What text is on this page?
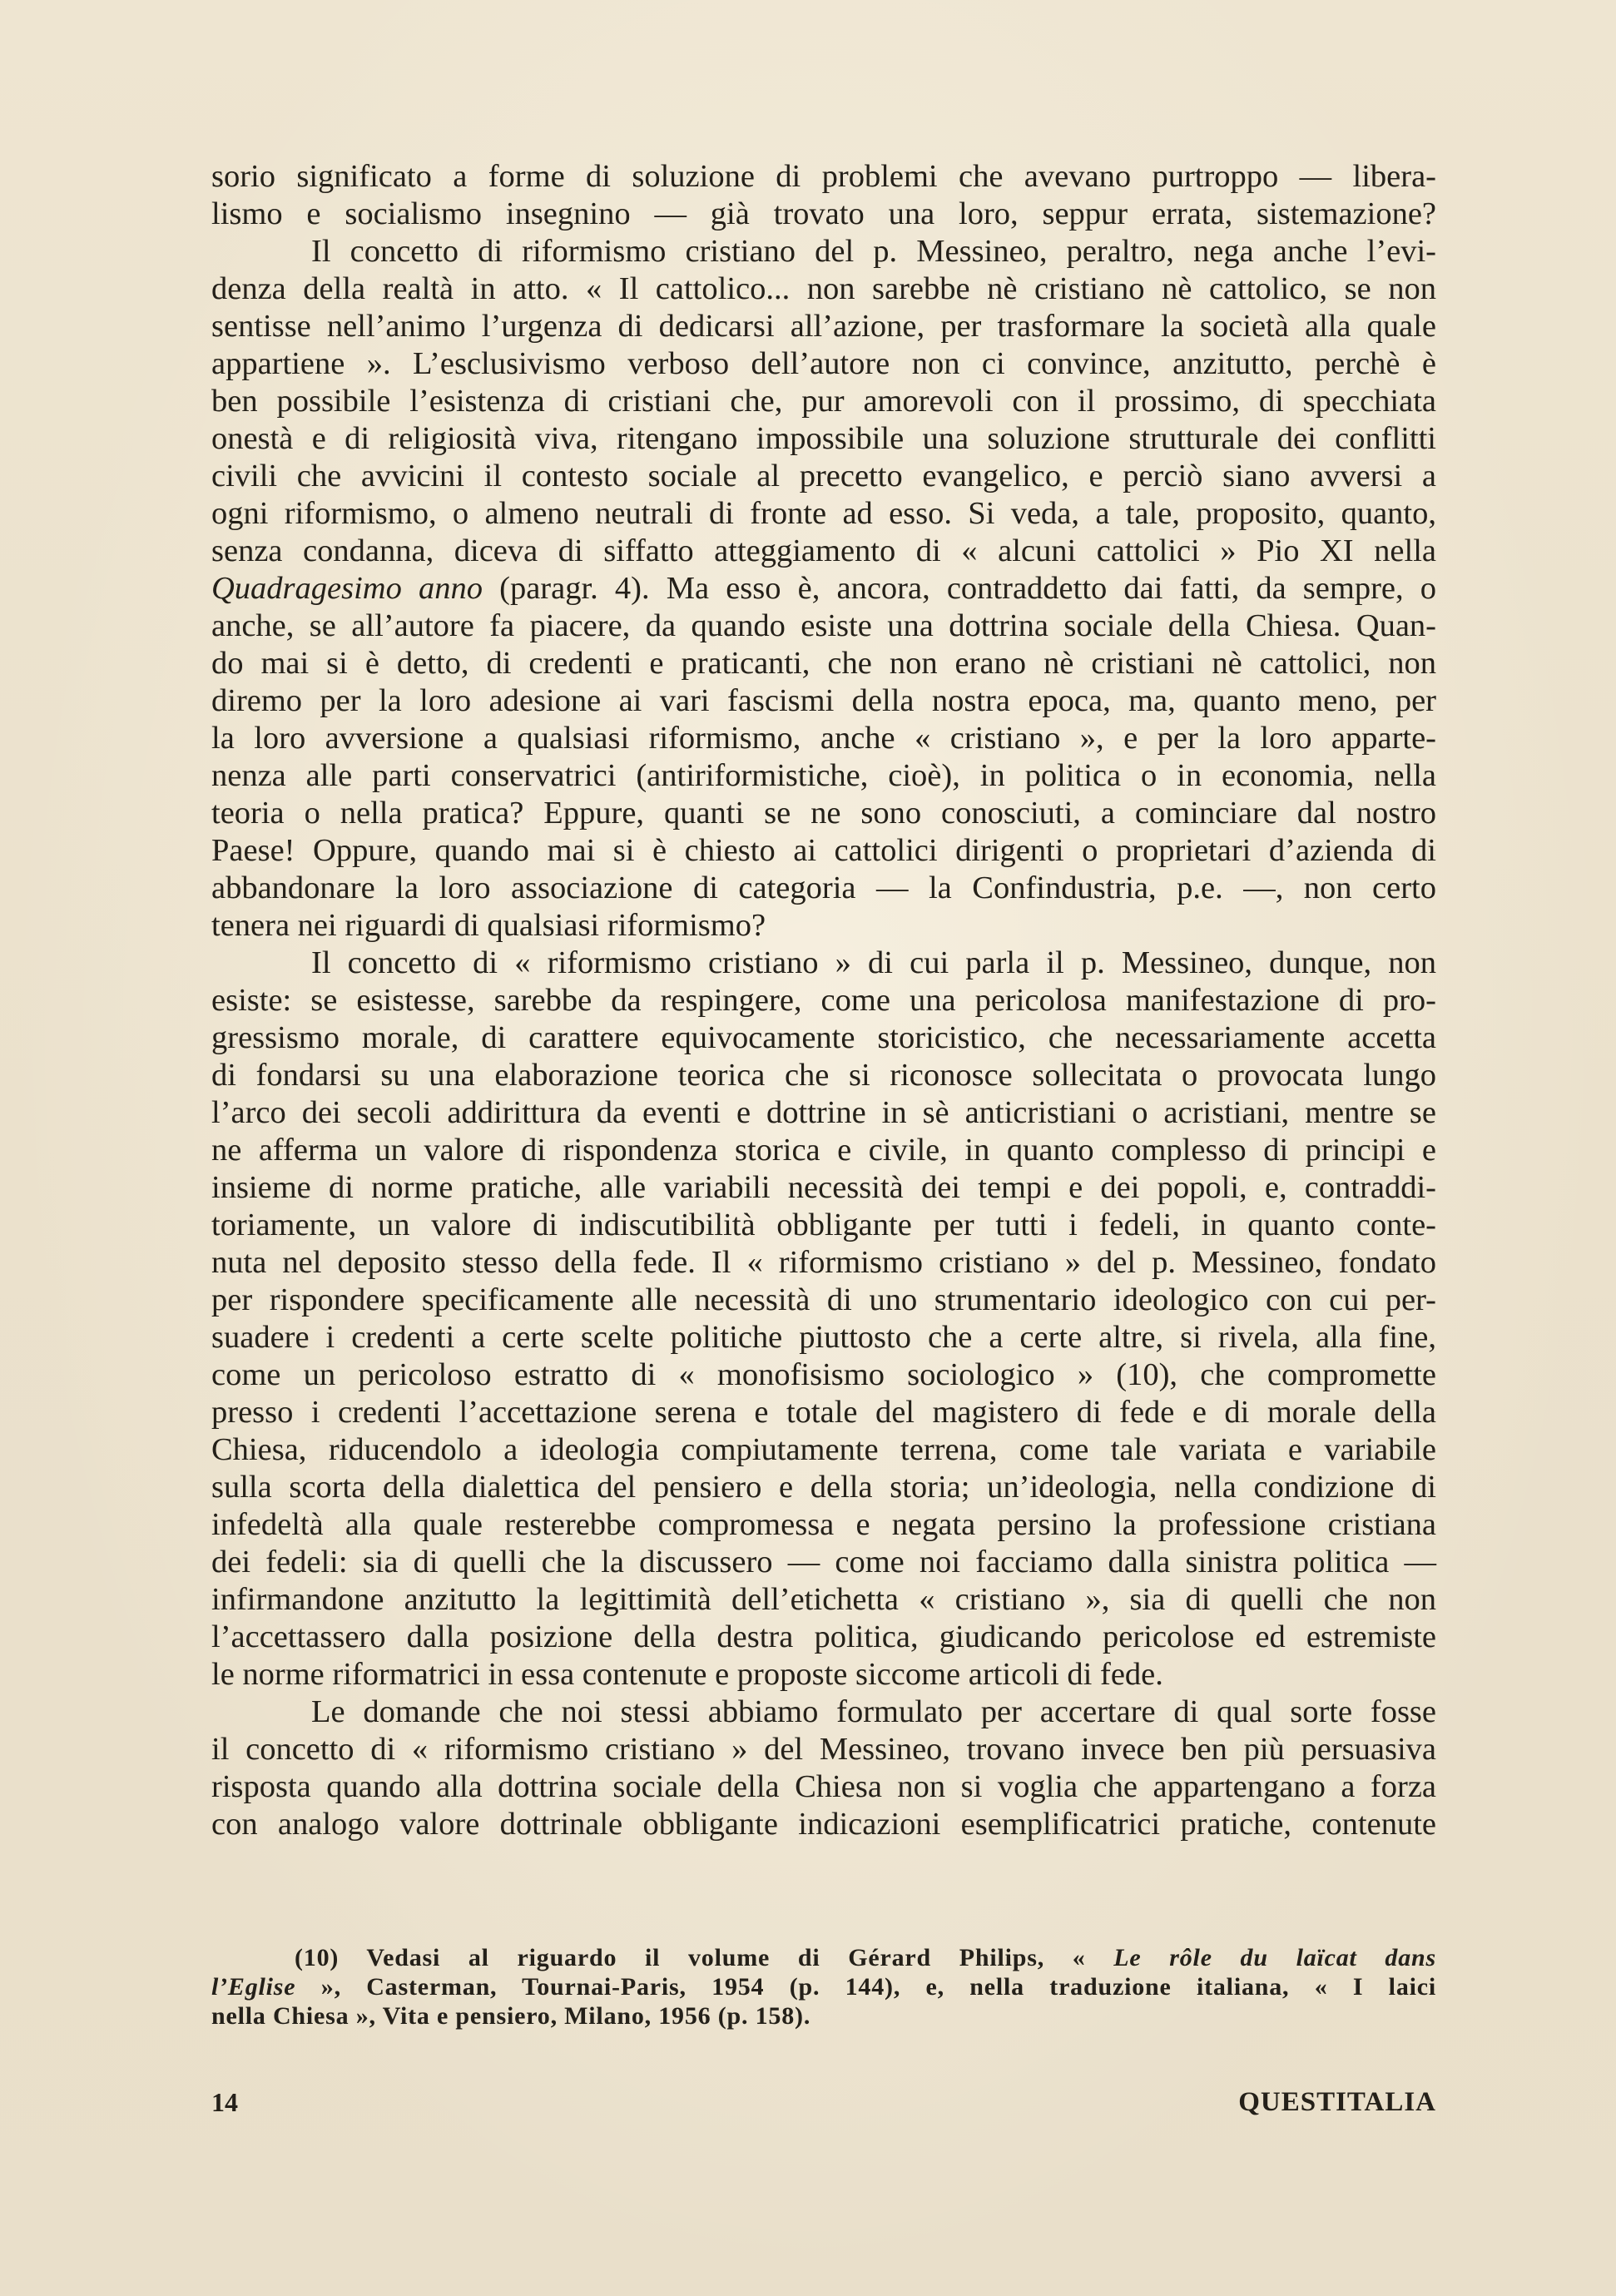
sorio significato a forme di soluzione di problemi che avevano purtroppo — libera-
lismo e socialismo insegnino — già trovato una loro, seppur errata, sistemazione?
Il concetto di riformismo cristiano del p. Messineo, peraltro, nega anche l’evi-
denza della realtà in atto. « Il cattolico... non sarebbe nè cristiano nè cattolico, se non
sentisse nell’animo l’urgenza di dedicarsi all’azione, per trasformare la società alla quale
appartiene ». L’esclusivismo verboso dell’autore non ci convince, anzitutto, perchè è
ben possibile l’esistenza di cristiani che, pur amorevoli con il prossimo, di specchiata
onestà e di religiosità viva, ritengano impossibile una soluzione strutturale dei conflitti
civili che avvicini il contesto sociale al precetto evangelico, e perciò siano avversi a
ogni riformismo, o almeno neutrali di fronte ad esso. Si veda, a tale, proposito, quanto,
senza condanna, diceva di siffatto atteggiamento di « alcuni cattolici » Pio XI nella
Quadragesimo anno (paragr. 4). Ma esso è, ancora, contraddetto dai fatti, da sempre, o
anche, se all’autore fa piacere, da quando esiste una dottrina sociale della Chiesa. Quan-
do mai si è detto, di credenti e praticanti, che non erano nè cristiani nè cattolici, non
diremo per la loro adesione ai vari fascismi della nostra epoca, ma, quanto meno, per
la loro avversione a qualsiasi riformismo, anche « cristiano », e per la loro apparte-
nenza alle parti conservatrici (antiriformistiche, cioè), in politica o in economia, nella
teoria o nella pratica? Eppure, quanti se ne sono conosciuti, a cominciare dal nostro
Paese! Oppure, quando mai si è chiesto ai cattolici dirigenti o proprietari d’azienda di
abbandonare la loro associazione di categoria — la Confindustria, p.e. —, non certo
tenera nei riguardi di qualsiasi riformismo?
Il concetto di « riformismo cristiano » di cui parla il p. Messineo, dunque, non
esiste: se esistesse, sarebbe da respingere, come una pericolosa manifestazione di pro-
gressismo morale, di carattere equivocamente storicistico, che necessariamente accetta
di fondarsi su una elaborazione teorica che si riconosce sollecitata o provocata lungo
l’arco dei secoli addirittura da eventi e dottrine in sè anticristiani o acristiani, mentre se
ne afferma un valore di rispondenza storica e civile, in quanto complesso di principi e
insieme di norme pratiche, alle variabili necessità dei tempi e dei popoli, e, contraddi-
toriamente, un valore di indiscutibilità obbligante per tutti i fedeli, in quanto conte-
nuta nel deposito stesso della fede. Il « riformismo cristiano » del p. Messineo, fondato
per rispondere specificamente alle necessità di uno strumentario ideologico con cui per-
suadere i credenti a certe scelte politiche piuttosto che a certe altre, si rivela, alla fine,
come un pericoloso estratto di « monofisismo sociologico » (10), che compromette
presso i credenti l’accettazione serena e totale del magistero di fede e di morale della
Chiesa, riducendolo a ideologia compiutamente terrena, come tale variata e variabile
sulla scorta della dialettica del pensiero e della storia; un’ideologia, nella condizione di
infedeltà alla quale resterebbe compromessa e negata persino la professione cristiana
dei fedeli: sia di quelli che la discussero — come noi facciamo dalla sinistra politica —
infirmandone anzitutto la legittimità dell’etichetta « cristiano », sia di quelli che non
l’accettassero dalla posizione della destra politica, giudicando pericolose ed estremiste
le norme riformatrici in essa contenute e proposte siccome articoli di fede.
Le domande che noi stessi abbiamo formulato per accertare di qual sorte fosse
il concetto di « riformismo cristiano » del Messineo, trovano invece ben più persuasiva
risposta quando alla dottrina sociale della Chiesa non si voglia che appartengano a forza
con analogo valore dottrinale obbligante indicazioni esemplificatrici pratiche, contenute
(10) Vedasi al riguardo il volume di Gérard Philips, « Le rôle du laïcat dans
l’Eglise », Casterman, Tournai-Paris, 1954 (p. 144), e, nella traduzione italiana, « I laici
nella Chiesa », Vita e pensiero, Milano, 1956 (p. 158).
14	QUESTITALIA
